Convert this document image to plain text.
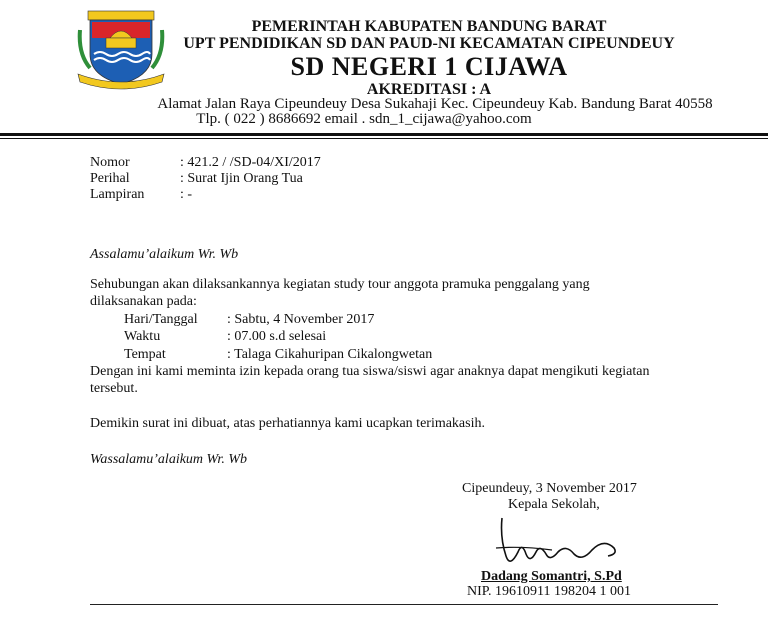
PEMERINTAH KABUPATEN BANDUNG BARAT
UPT PENDIDIKAN SD DAN PAUD-NI KECAMATAN CIPEUNDEUY
SD NEGERI 1 CIJAWA
AKREDITASI : A
Alamat Jalan Raya Cipeundeuy Desa Sukahaji Kec. Cipeundeuy Kab. Bandung Barat 40558
Tlp. ( 022 ) 8686692 email . sdn_1_cijawa@yahoo.com
Nomor	: 421.2 / /SD-04/XI/2017
Perihal	: Surat Ijin Orang Tua
Lampiran	: -
Assalamu’alaikum Wr. Wb
Sehubungan akan dilaksankannya kegiatan study tour anggota pramuka penggalang yang
dilaksanakan pada:
Hari/Tanggal : Sabtu, 4 November 2017
Waktu	: 07.00 s.d selesai
Tempat	: Talaga Cikahuripan Cikalongwetan
Dengan ini kami meminta izin kepada orang tua siswa/siswi agar anaknya dapat mengikuti kegiatan
tersebut.
Demikin surat ini dibuat, atas perhatiannya kami ucapkan terimakasih.
Wassalamu’alaikum Wr. Wb
Cipeundeuy, 3 November 2017
Kepala Sekolah,
Dadang Somantri, S.Pd
NIP. 19610911 198204 1 001
